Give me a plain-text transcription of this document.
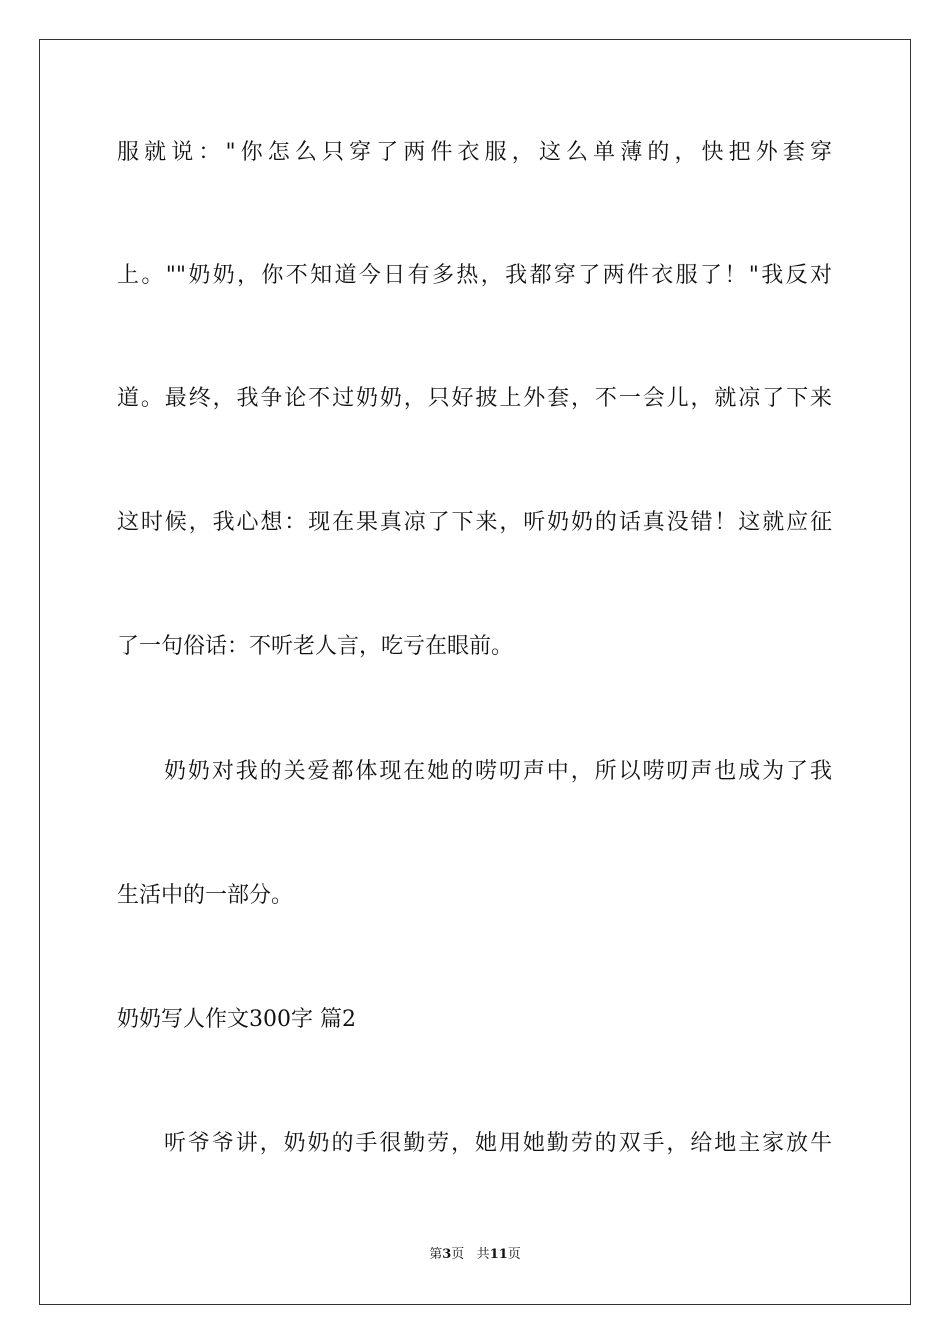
服就说："你怎么只穿了两件衣服，这么单薄的，快把外套穿
上。""奶奶，你不知道今日有多热，我都穿了两件衣服了！"我反对
道。最终，我争论不过奶奶，只好披上外套，不一会儿，就凉了下来
这时候，我心想：现在果真凉了下来，听奶奶的话真没错！这就应征
了一句俗话：不听老人言，吃亏在眼前。
奶奶对我的关爱都体现在她的唠叨声中，所以唠叨声也成为了我
生活中的一部分。
奶奶写人作文300字 篇2
听爷爷讲，奶奶的手很勤劳，她用她勤劳的双手，给地主家放牛
第3页 共11页
